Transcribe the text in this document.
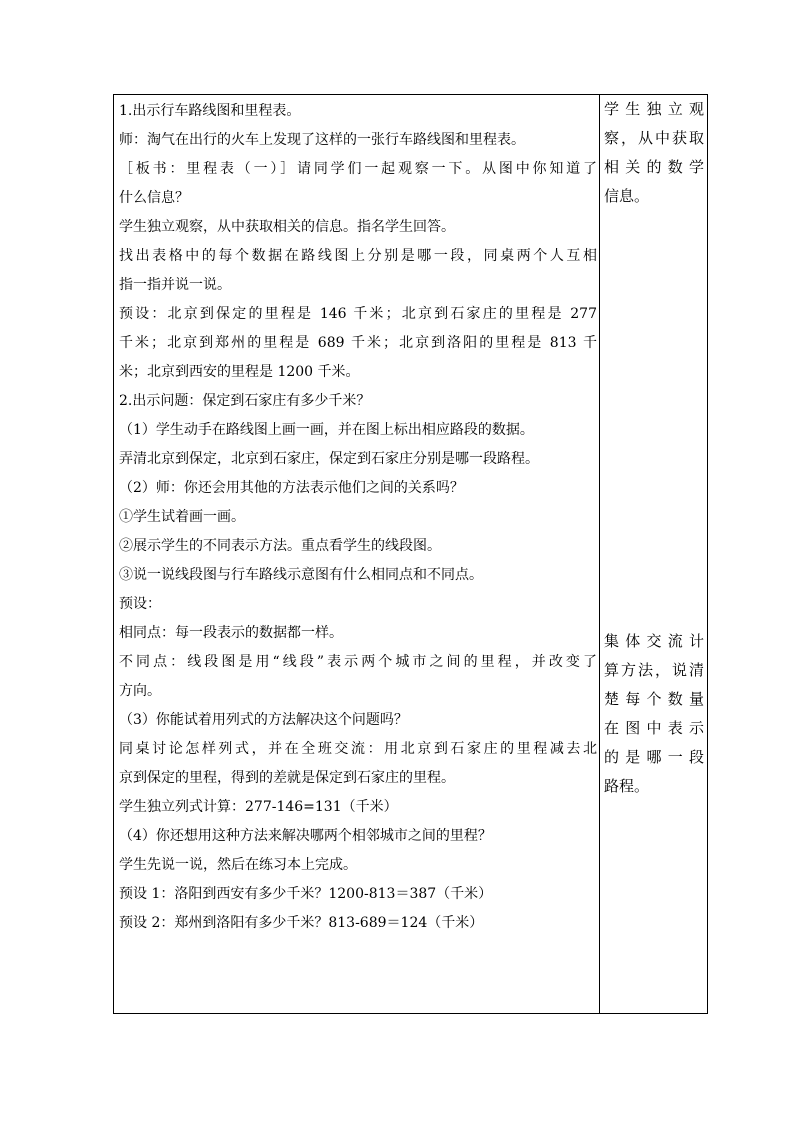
1.出示行车路线图和里程表。
师：淘气在出行的火车上发现了这样的一张行车路线图和里程表。
［板书：里程表（一）］请同学们一起观察一下。从图中你知道了
什么信息？
学生独立观察，从中获取相关的信息。指名学生回答。
找出表格中的每个数据在路线图上分别是哪一段，同桌两个人互相
指一指并说一说。
预设：北京到保定的里程是 146 千米；北京到石家庄的里程是 277
千米；北京到郑州的里程是 689 千米；北京到洛阳的里程是 813 千
米；北京到西安的里程是 1200 千米。
2.出示问题：保定到石家庄有多少千米？
（1）学生动手在路线图上画一画，并在图上标出相应路段的数据。
弄清北京到保定，北京到石家庄，保定到石家庄分别是哪一段路程。
（2）师：你还会用其他的方法表示他们之间的关系吗？
①学生试着画一画。
②展示学生的不同表示方法。重点看学生的线段图。
③说一说线段图与行车路线示意图有什么相同点和不同点。
预设：
相同点：每一段表示的数据都一样。
不同点：线段图是用“线段”表示两个城市之间的里程，并改变了
方向。
（3）你能试着用列式的方法解决这个问题吗？
同桌讨论怎样列式，并在全班交流：用北京到石家庄的里程减去北
京到保定的里程，得到的差就是保定到石家庄的里程。
学生独立列式计算：277-146=131（千米）
（4）你还想用这种方法来解决哪两个相邻城市之间的里程？
学生先说一说，然后在练习本上完成。
预设 1：洛阳到西安有多少千米？1200-813＝387（千米）
预设 2：郑州到洛阳有多少千米？813-689＝124（千米）
学生独立观
察，从中获取
相关的数学
信息。
集体交流计
算方法，说清
楚每个数量
在图中表示
的是哪一段
路程。
